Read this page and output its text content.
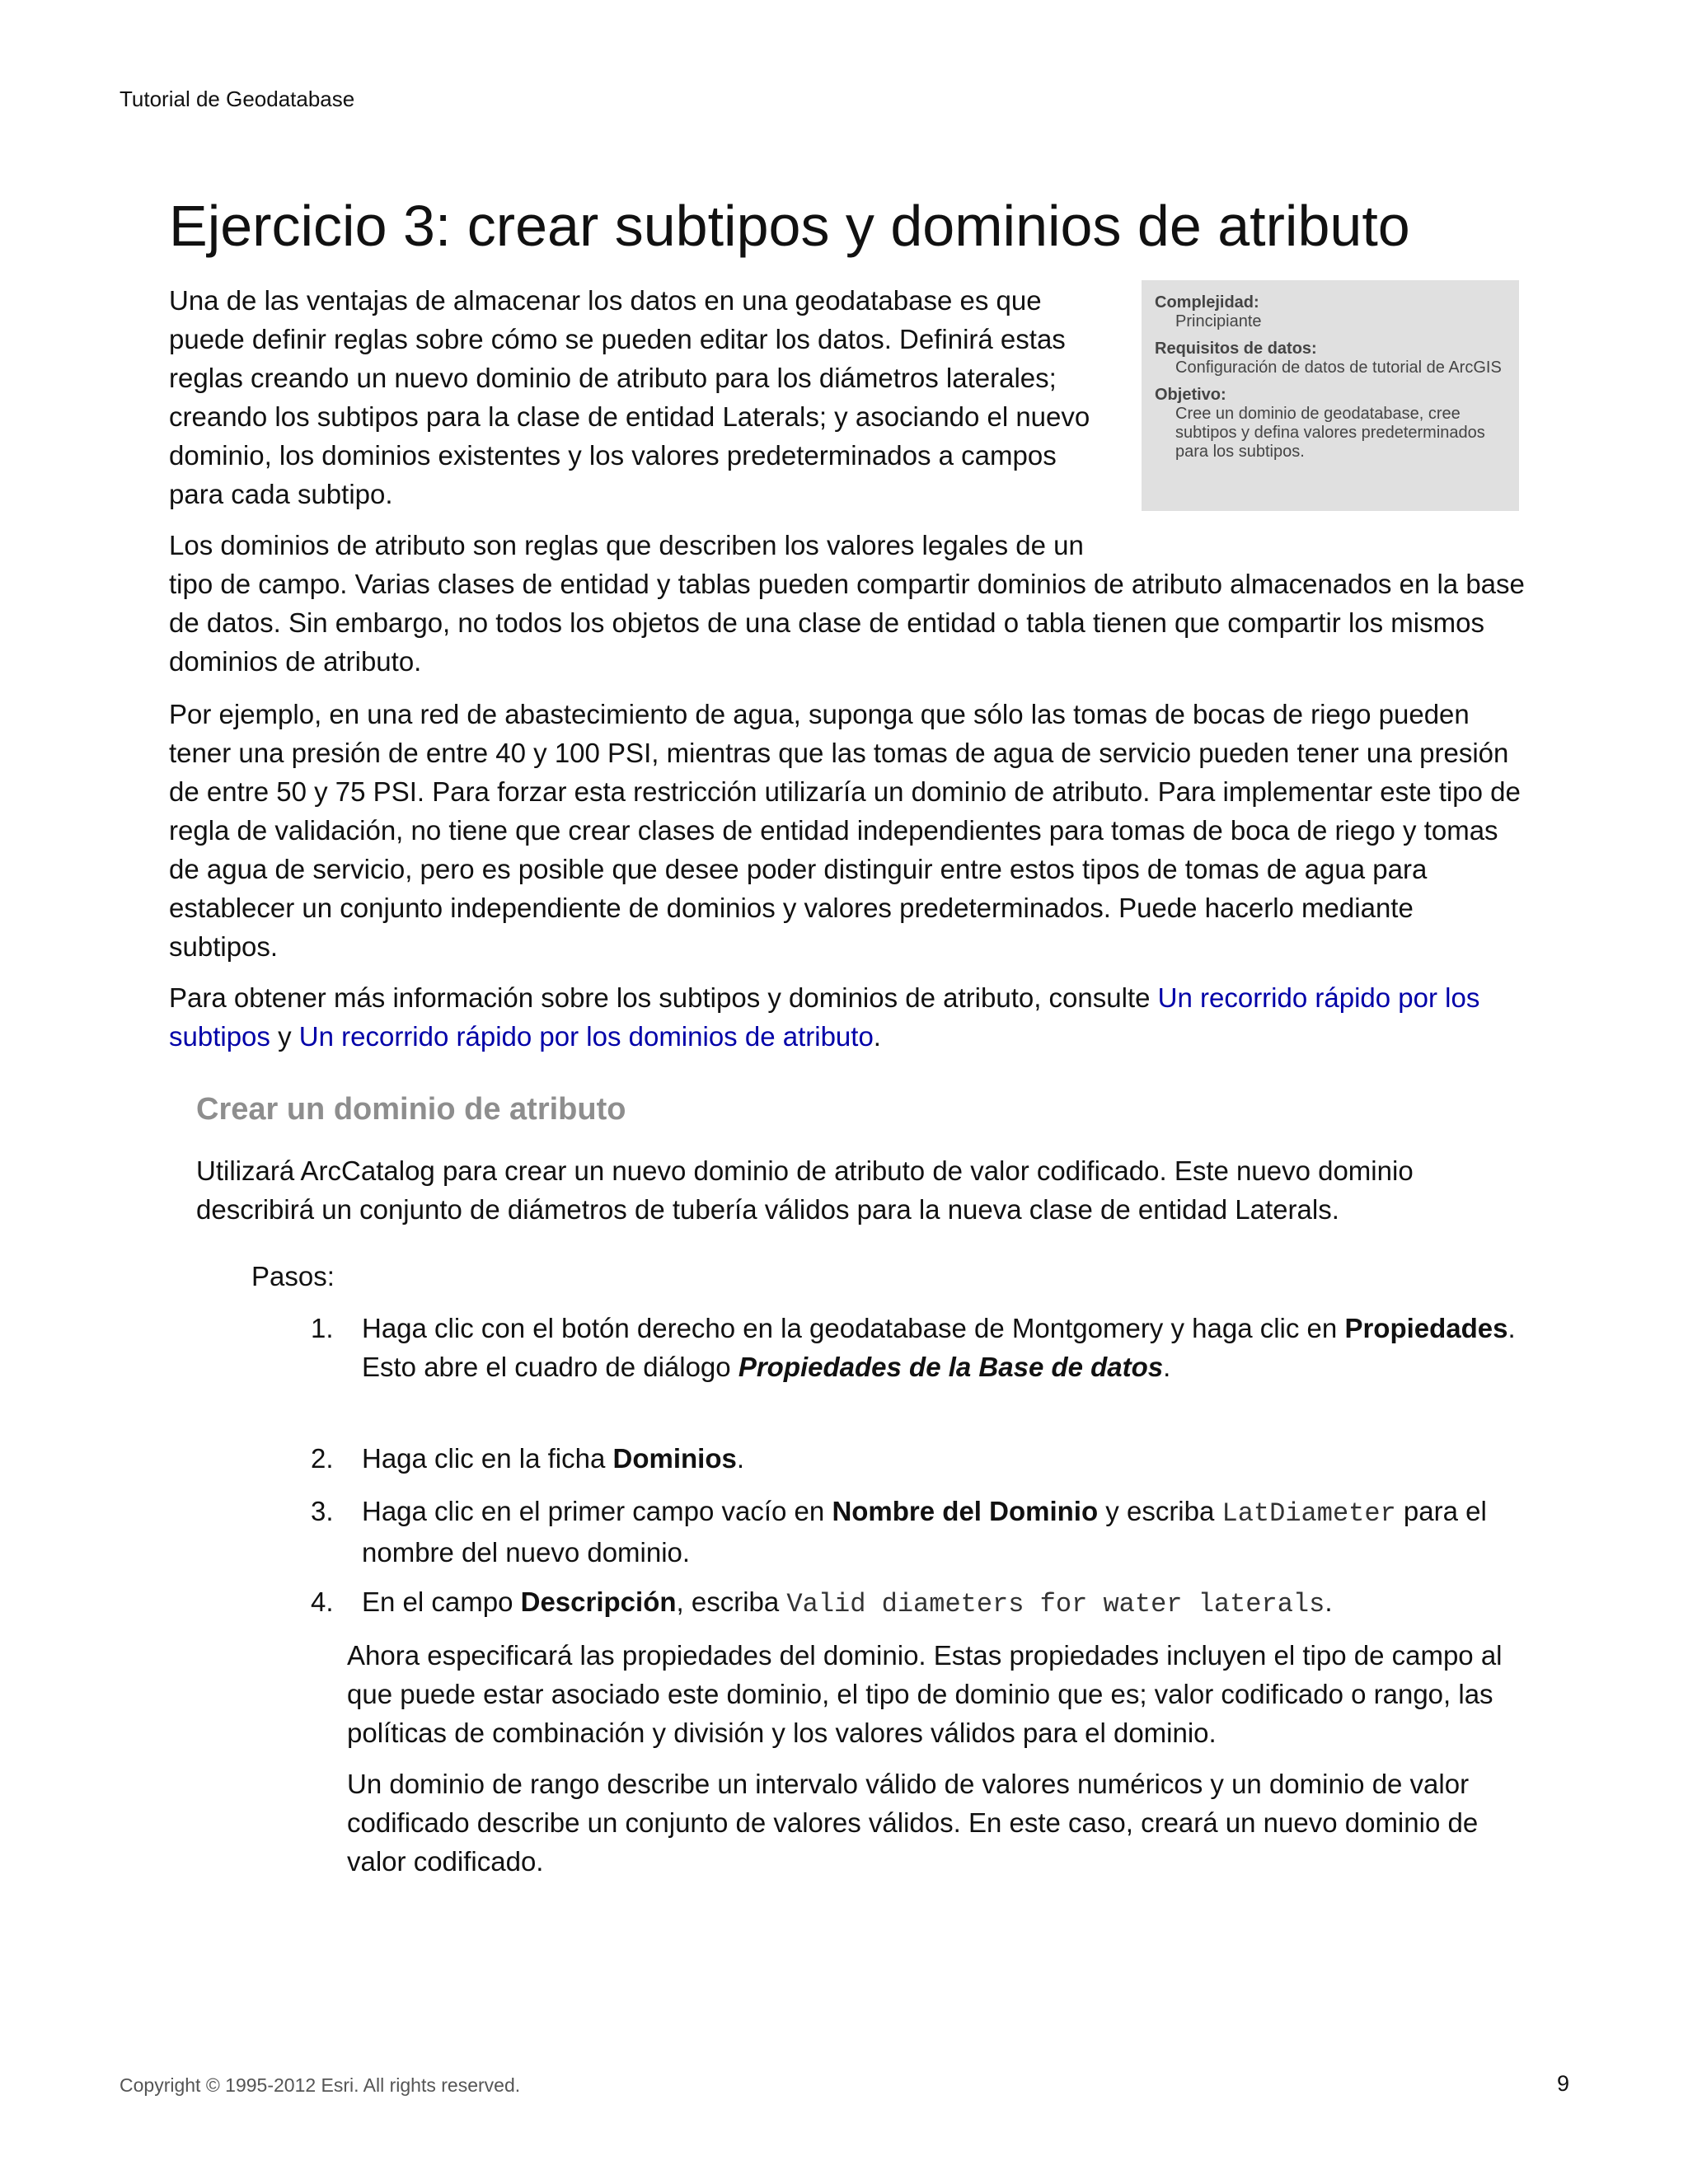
Tutorial de Geodatabase
Ejercicio 3: crear subtipos y dominios de atributo
Complejidad:
Principiante
Requisitos de datos:
Configuración de datos de tutorial de ArcGIS
Objetivo:
Cree un dominio de geodatabase, cree subtipos y defina valores predeterminados para los subtipos.

Una de las ventajas de almacenar los datos en una geodatabase es que puede definir reglas sobre cómo se pueden editar los datos. Definirá estas reglas creando un nuevo dominio de atributo para los diámetros laterales; creando los subtipos para la clase de entidad Laterals; y asociando el nuevo dominio, los dominios existentes y los valores predeterminados a campos para cada subtipo.

Los dominios de atributo son reglas que describen los valores legales de un

tipo de campo. Varias clases de entidad y tablas pueden compartir dominios de atributo almacenados en la base de datos. Sin embargo, no todos los objetos de una clase de entidad o tabla tienen que compartir los mismos dominios de atributo.

Por ejemplo, en una red de abastecimiento de agua, suponga que sólo las tomas de bocas de riego pueden tener una presión de entre 40 y 100 PSI, mientras que las tomas de agua de servicio pueden tener una presión de entre 50 y 75 PSI. Para forzar esta restricción utilizaría un dominio de atributo. Para implementar este tipo de regla de validación, no tiene que crear clases de entidad independientes para tomas de boca de riego y tomas de agua de servicio, pero es posible que desee poder distinguir entre estos tipos de tomas de agua para establecer un conjunto independiente de dominios y valores predeterminados. Puede hacerlo mediante subtipos.

Para obtener más información sobre los subtipos y dominios de atributo, consulte Un recorrido rápido por los subtipos y Un recorrido rápido por los dominios de atributo.

Crear un dominio de atributo

Utilizará ArcCatalog para crear un nuevo dominio de atributo de valor codificado. Este nuevo dominio describirá un conjunto de diámetros de tubería válidos para la nueva clase de entidad Laterals.

Pasos:
1. Haga clic con el botón derecho en la geodatabase de Montgomery y haga clic en Propiedades.
Esto abre el cuadro de diálogo Propiedades de la Base de datos.

2. Haga clic en la ficha Dominios.

3. Haga clic en el primer campo vacío en Nombre del Dominio y escriba LatDiameter para el nombre del nuevo dominio.

4. En el campo Descripción, escriba Valid diameters for water laterals.

Ahora especificará las propiedades del dominio. Estas propiedades incluyen el tipo de campo al que puede estar asociado este dominio, el tipo de dominio que es; valor codificado o rango, las políticas de combinación y división y los valores válidos para el dominio.

Un dominio de rango describe un intervalo válido de valores numéricos y un dominio de valor codificado describe un conjunto de valores válidos. En este caso, creará un nuevo dominio de valor codificado.

Copyright © 1995-2012 Esri. All rights reserved.	9
